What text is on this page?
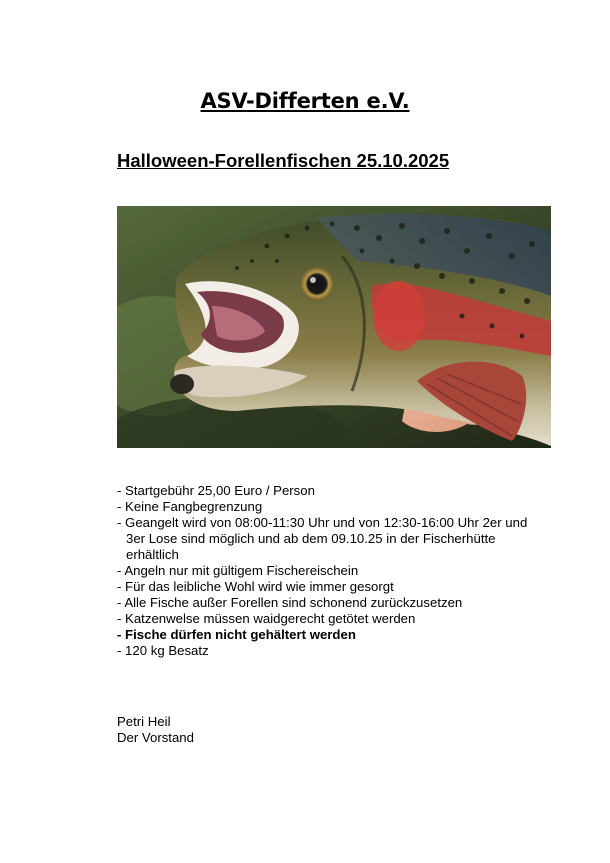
ASV-Differten e.V.
Halloween-Forellenfischen 25.10.2025
- Startgebühr 25,00 Euro / Person
- Keine Fangbegrenzung
- Geangelt wird von 08:00-11:30 Uhr und von 12:30-16:00 Uhr 2er und 3er Lose sind möglich und ab dem 09.10.25 in der Fischerhütte erhältlich
- Angeln nur mit gültigem Fischereischein
- Für das leibliche Wohl wird wie immer gesorgt
- Alle Fische außer Forellen sind schonend zurückzusetzen
- Katzenwelse müssen waidgerecht getötet werden
- Fische dürfen nicht gehältert werden
- 120 kg Besatz
Petri Heil
Der Vorstand
